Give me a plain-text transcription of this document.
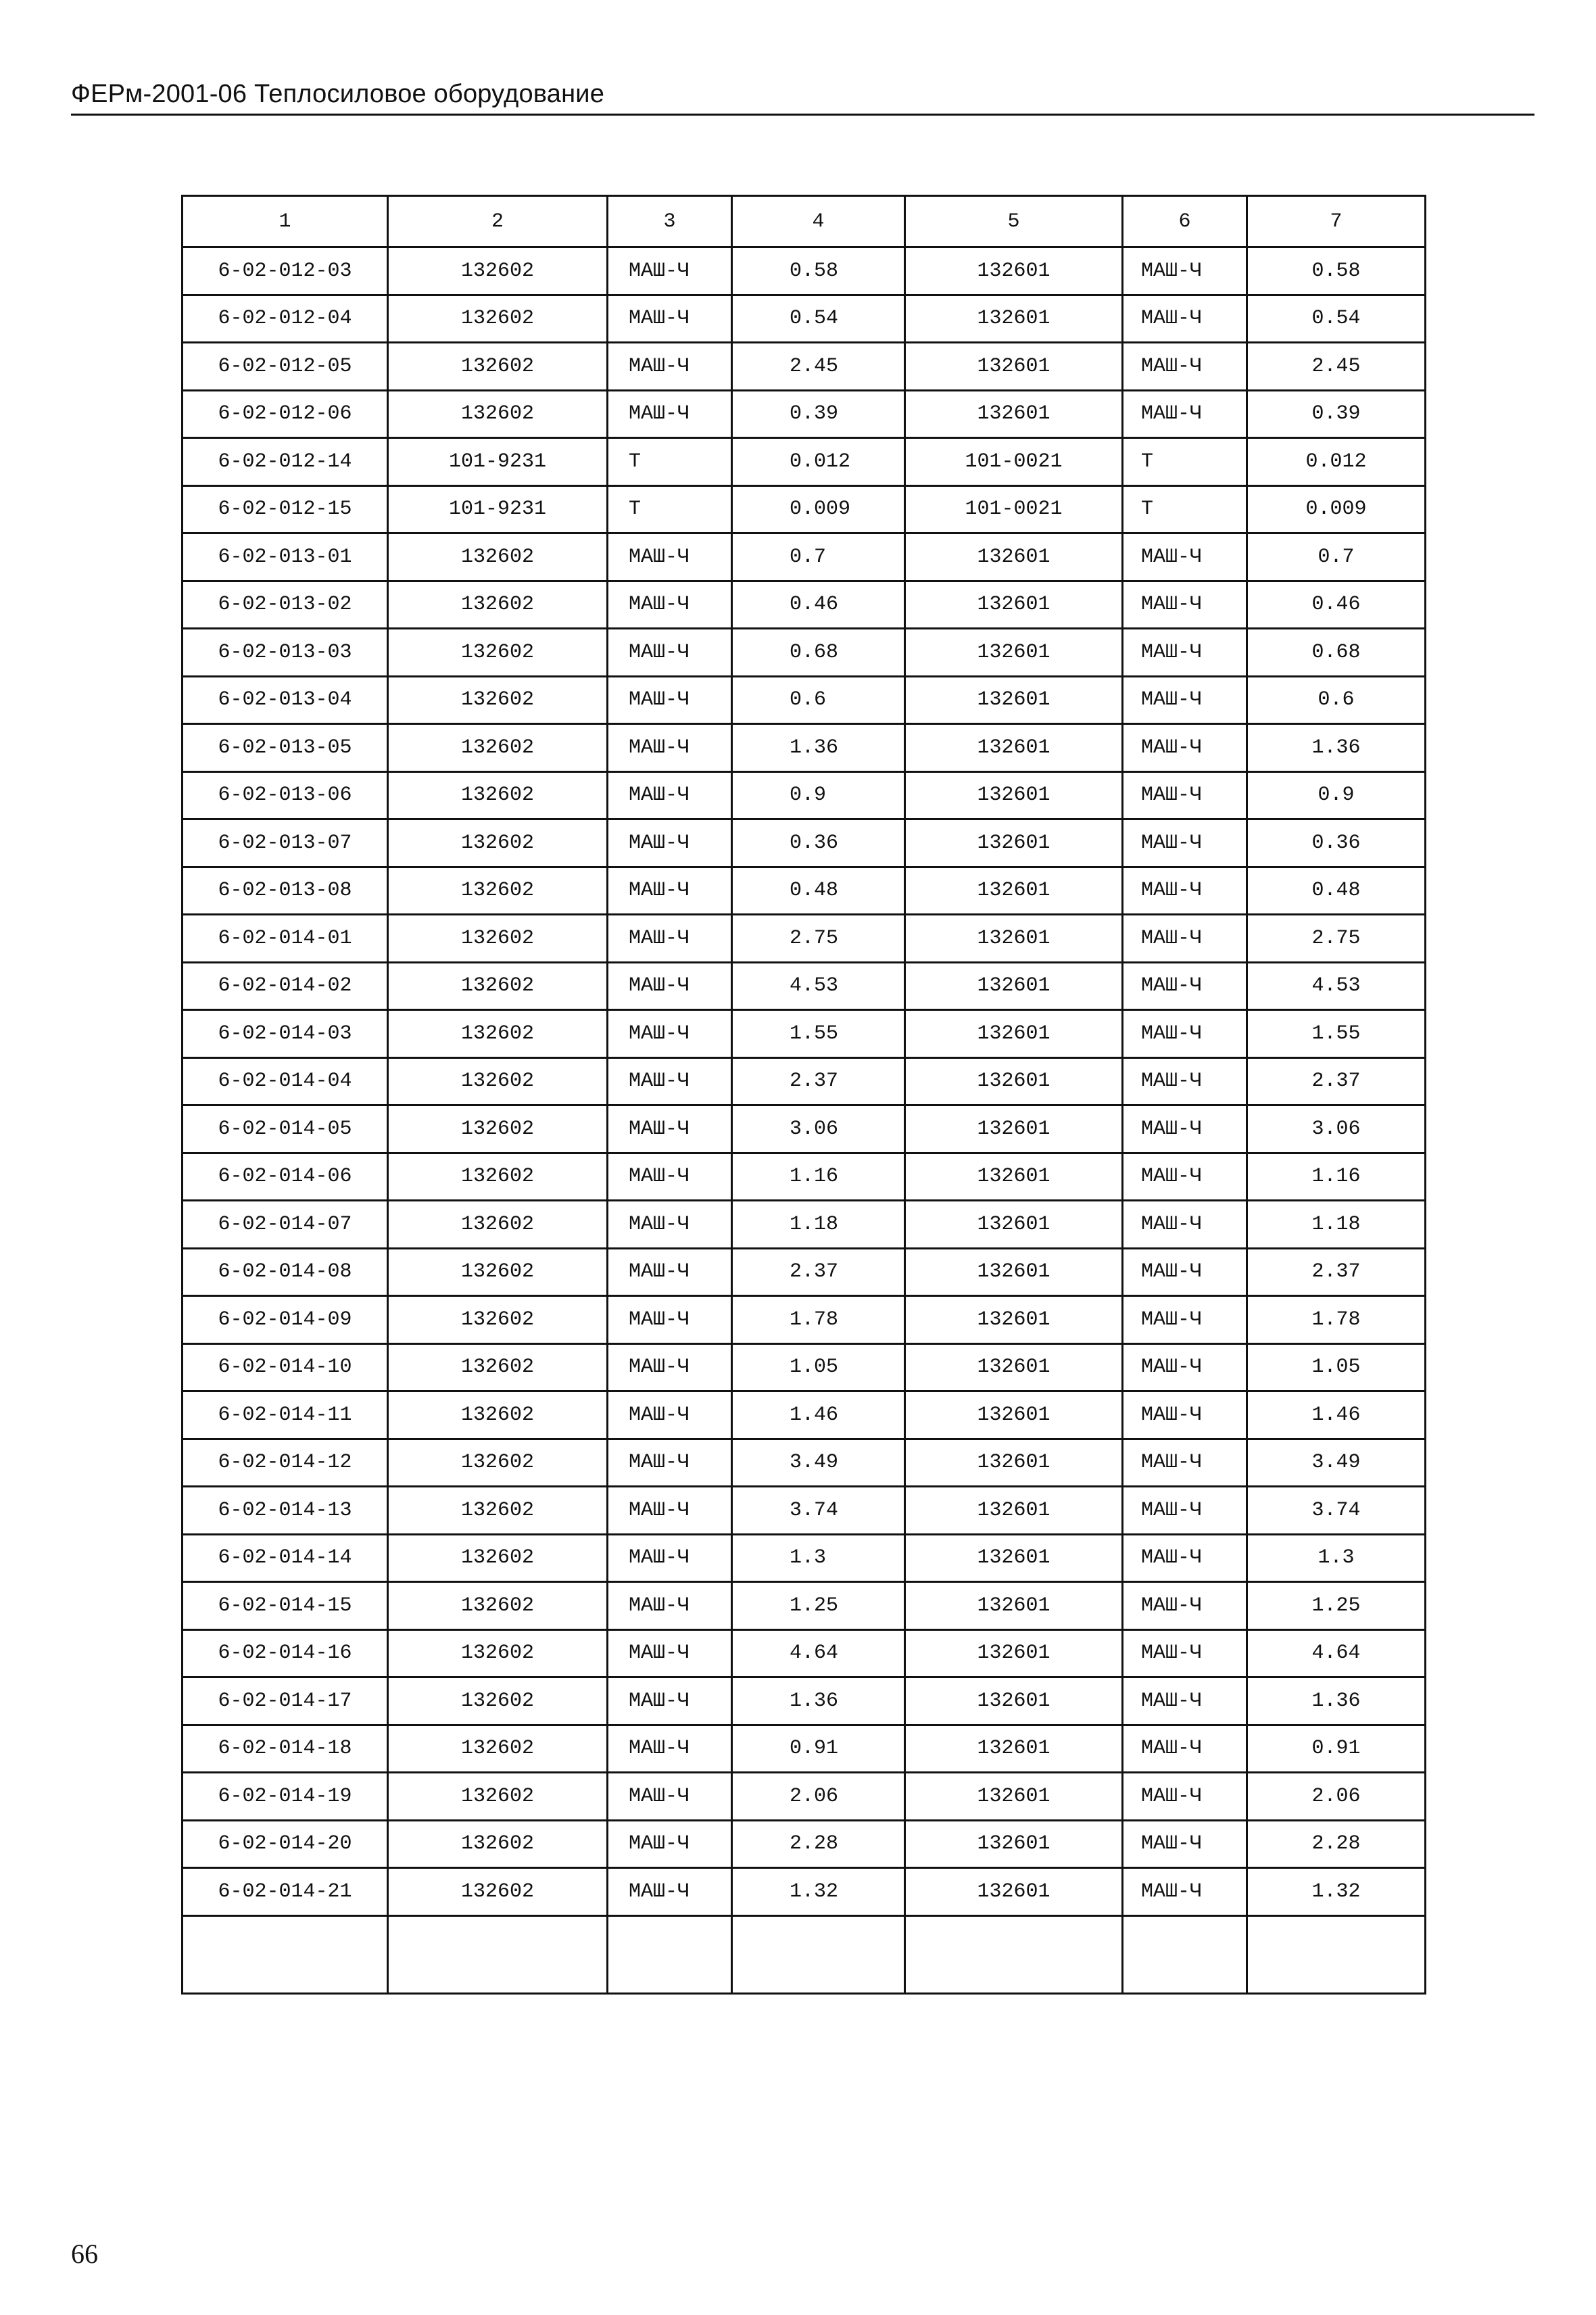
ФЕРм-2001-06 Теплосиловое оборудование
1	2	3	4	5	6	7
6-02-012-03	132602	МАШ-Ч	0.58	132601	МАШ-Ч	0.58
6-02-012-04	132602	МАШ-Ч	0.54	132601	МАШ-Ч	0.54
6-02-012-05	132602	МАШ-Ч	2.45	132601	МАШ-Ч	2.45
6-02-012-06	132602	МАШ-Ч	0.39	132601	МАШ-Ч	0.39
6-02-012-14	101-9231	Т	0.012	101-0021	Т	0.012
6-02-012-15	101-9231	Т	0.009	101-0021	Т	0.009
6-02-013-01	132602	МАШ-Ч	0.7	132601	МАШ-Ч	0.7
6-02-013-02	132602	МАШ-Ч	0.46	132601	МАШ-Ч	0.46
6-02-013-03	132602	МАШ-Ч	0.68	132601	МАШ-Ч	0.68
6-02-013-04	132602	МАШ-Ч	0.6	132601	МАШ-Ч	0.6
6-02-013-05	132602	МАШ-Ч	1.36	132601	МАШ-Ч	1.36
6-02-013-06	132602	МАШ-Ч	0.9	132601	МАШ-Ч	0.9
6-02-013-07	132602	МАШ-Ч	0.36	132601	МАШ-Ч	0.36
6-02-013-08	132602	МАШ-Ч	0.48	132601	МАШ-Ч	0.48
6-02-014-01	132602	МАШ-Ч	2.75	132601	МАШ-Ч	2.75
6-02-014-02	132602	МАШ-Ч	4.53	132601	МАШ-Ч	4.53
6-02-014-03	132602	МАШ-Ч	1.55	132601	МАШ-Ч	1.55
6-02-014-04	132602	МАШ-Ч	2.37	132601	МАШ-Ч	2.37
6-02-014-05	132602	МАШ-Ч	3.06	132601	МАШ-Ч	3.06
6-02-014-06	132602	МАШ-Ч	1.16	132601	МАШ-Ч	1.16
6-02-014-07	132602	МАШ-Ч	1.18	132601	МАШ-Ч	1.18
6-02-014-08	132602	МАШ-Ч	2.37	132601	МАШ-Ч	2.37
6-02-014-09	132602	МАШ-Ч	1.78	132601	МАШ-Ч	1.78
6-02-014-10	132602	МАШ-Ч	1.05	132601	МАШ-Ч	1.05
6-02-014-11	132602	МАШ-Ч	1.46	132601	МАШ-Ч	1.46
6-02-014-12	132602	МАШ-Ч	3.49	132601	МАШ-Ч	3.49
6-02-014-13	132602	МАШ-Ч	3.74	132601	МАШ-Ч	3.74
6-02-014-14	132602	МАШ-Ч	1.3	132601	МАШ-Ч	1.3
6-02-014-15	132602	МАШ-Ч	1.25	132601	МАШ-Ч	1.25
6-02-014-16	132602	МАШ-Ч	4.64	132601	МАШ-Ч	4.64
6-02-014-17	132602	МАШ-Ч	1.36	132601	МАШ-Ч	1.36
6-02-014-18	132602	МАШ-Ч	0.91	132601	МАШ-Ч	0.91
6-02-014-19	132602	МАШ-Ч	2.06	132601	МАШ-Ч	2.06
6-02-014-20	132602	МАШ-Ч	2.28	132601	МАШ-Ч	2.28
6-02-014-21	132602	МАШ-Ч	1.32	132601	МАШ-Ч	1.32

66
